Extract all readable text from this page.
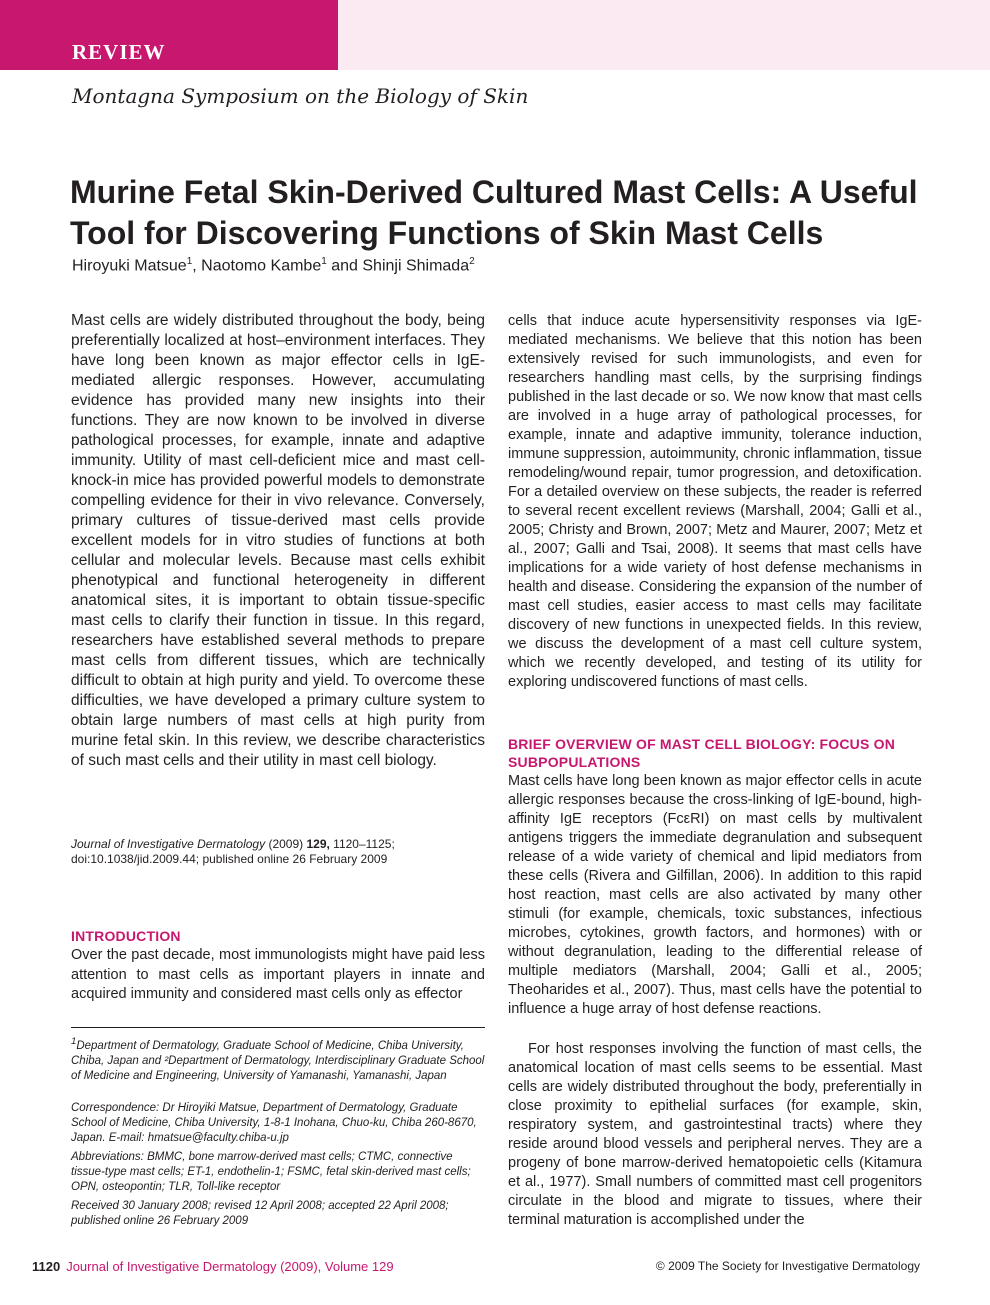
REVIEW
Montagna Symposium on the Biology of Skin
Murine Fetal Skin-Derived Cultured Mast Cells: A Useful Tool for Discovering Functions of Skin Mast Cells
Hiroyuki Matsue$^1$, Naotomo Kambe$^1$ and Shinji Shimada$^2$

Mast cells are widely distributed throughout the body, being preferentially localized at host–environment interfaces. They have long been known as major effector cells in IgE-mediated allergic responses. However, accumulating evidence has provided many new insights into their functions. They are now known to be involved in diverse pathological processes, for example, innate and adaptive immunity. Utility of mast cell-deficient mice and mast cell-knock-in mice has provided powerful models to demonstrate compelling evidence for their in vivo relevance. Conversely, primary cultures of tissue-derived mast cells provide excellent models for in vitro studies of functions at both cellular and molecular levels. Because mast cells exhibit phenotypical and functional heterogeneity in different anatomical sites, it is important to obtain tissue-specific mast cells to clarify their function in tissue. In this regard, researchers have established several methods to prepare mast cells from different tissues, which are technically difficult to obtain at high purity and yield. To overcome these difficulties, we have developed a primary culture system to obtain large numbers of mast cells at high purity from murine fetal skin. In this review, we describe characteristics of such mast cells and their utility in mast cell biology.

Journal of Investigative Dermatology (2009) 129, 1120–1125;
doi:10.1038/jid.2009.44; published online 26 February 2009

INTRODUCTION

Over the past decade, most immunologists might have paid less attention to mast cells as important players in innate and acquired immunity and considered mast cells only as effector

$^1$Department of Dermatology, Graduate School of Medicine, Chiba University, Chiba, Japan and ²Department of Dermatology, Interdisciplinary Graduate School of Medicine and Engineering, University of Yamanashi, Yamanashi, Japan

Correspondence: Dr Hiroyiki Matsue, Department of Dermatology, Graduate School of Medicine, Chiba University, 1-8-1 Inohana, Chuo-ku, Chiba 260-8670, Japan. E-mail: hmatsue@faculty.chiba-u.jp

Abbreviations: BMMC, bone marrow-derived mast cells; CTMC, connective tissue-type mast cells; ET-1, endothelin-1; FSMC, fetal skin-derived mast cells; OPN, osteopontin; TLR, Toll-like receptor

Received 30 January 2008; revised 12 April 2008; accepted 22 April 2008; published online 26 February 2009

cells that induce acute hypersensitivity responses via IgE-mediated mechanisms. We believe that this notion has been extensively revised for such immunologists, and even for researchers handling mast cells, by the surprising findings published in the last decade or so. We now know that mast cells are involved in a huge array of pathological processes, for example, innate and adaptive immunity, tolerance induction, immune suppression, autoimmunity, chronic inflammation, tissue remodeling/wound repair, tumor progression, and detoxification. For a detailed overview on these subjects, the reader is referred to several recent excellent reviews (Marshall, 2004; Galli et al., 2005; Christy and Brown, 2007; Metz and Maurer, 2007; Metz et al., 2007; Galli and Tsai, 2008). It seems that mast cells have implications for a wide variety of host defense mechanisms in health and disease. Considering the expansion of the number of mast cell studies, easier access to mast cells may facilitate discovery of new functions in unexpected fields. In this review, we discuss the development of a mast cell culture system, which we recently developed, and testing of its utility for exploring undiscovered functions of mast cells.

BRIEF OVERVIEW OF MAST CELL BIOLOGY: FOCUS ON SUBPOPULATIONS

Mast cells have long been known as major effector cells in acute allergic responses because the cross-linking of IgE-bound, high-affinity IgE receptors (FcεRI) on mast cells by multivalent antigens triggers the immediate degranulation and subsequent release of a wide variety of chemical and lipid mediators from these cells (Rivera and Gilfillan, 2006). In addition to this rapid host reaction, mast cells are also activated by many other stimuli (for example, chemicals, toxic substances, infectious microbes, cytokines, growth factors, and hormones) with or without degranulation, leading to the differential release of multiple mediators (Marshall, 2004; Galli et al., 2005; Theoharides et al., 2007). Thus, mast cells have the potential to influence a huge array of host defense reactions.

For host responses involving the function of mast cells, the anatomical location of mast cells seems to be essential. Mast cells are widely distributed throughout the body, preferentially in close proximity to epithelial surfaces (for example, skin, respiratory system, and gastrointestinal tracts) where they reside around blood vessels and peripheral nerves. They are a progeny of bone marrow-derived hematopoietic cells (Kitamura et al., 1977). Small numbers of committed mast cell progenitors circulate in the blood and migrate to tissues, where their terminal maturation is accomplished under the

1120 Journal of Investigative Dermatology (2009), Volume 129	© 2009 The Society for Investigative Dermatology
